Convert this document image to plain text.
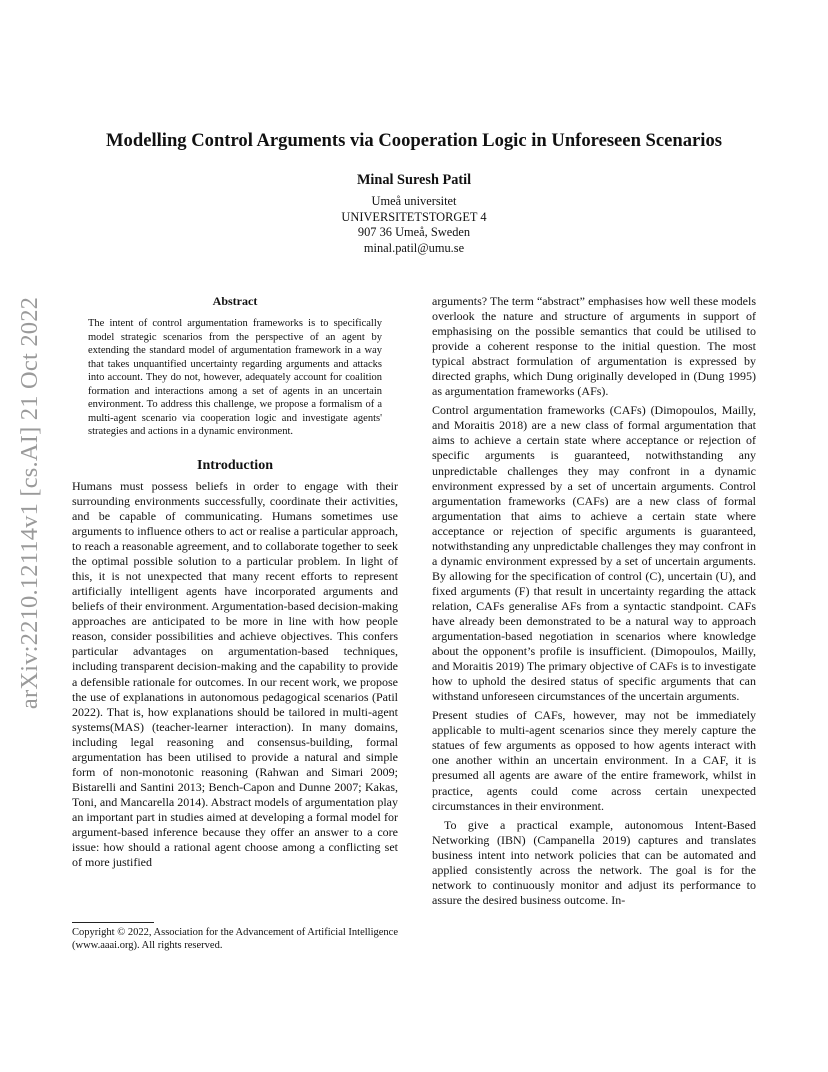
arXiv:2210.12114v1 [cs.AI] 21 Oct 2022
Modelling Control Arguments via Cooperation Logic in Unforeseen Scenarios
Minal Suresh Patil
Umeå universitet
UNIVERSITETSTORGET 4
907 36 Umeå, Sweden
minal.patil@umu.se
Abstract

The intent of control argumentation frameworks is to specifically model strategic scenarios from the perspective of an agent by extending the standard model of argumentation framework in a way that takes unquantified uncertainty regarding arguments and attacks into account. They do not, however, adequately account for coalition formation and interactions among a set of agents in an uncertain environment. To address this challenge, we propose a formalism of a multi-agent scenario via cooperation logic and investigate agents' strategies and actions in a dynamic environment.

Introduction

Humans must possess beliefs in order to engage with their surrounding environments successfully, coordinate their activities, and be capable of communicating. Humans sometimes use arguments to influence others to act or realise a particular approach, to reach a reasonable agreement, and to collaborate together to seek the optimal possible solution to a particular problem. In light of this, it is not unexpected that many recent efforts to represent artificially intelligent agents have incorporated arguments and beliefs of their environment. Argumentation-based decision-making approaches are anticipated to be more in line with how people reason, consider possibilities and achieve objectives. This confers particular advantages on argumentation-based techniques, including transparent decision-making and the capability to provide a defensible rationale for outcomes. In our recent work, we propose the use of explanations in autonomous pedagogical scenarios (Patil 2022). That is, how explanations should be tailored in multi-agent systems(MAS) (teacher-learner interaction). In many domains, including legal reasoning and consensus-building, formal argumentation has been utilised to provide a natural and simple form of non-monotonic reasoning (Rahwan and Simari 2009; Bistarelli and Santini 2013; Bench-Capon and Dunne 2007; Kakas, Toni, and Mancarella 2014). Abstract models of argumentation play an important part in studies aimed at developing a formal model for argument-based inference because they offer an answer to a core issue: how should a rational agent choose among a conflicting set of more justified

arguments? The term “abstract” emphasises how well these models overlook the nature and structure of arguments in support of emphasising on the possible semantics that could be utilised to provide a coherent response to the initial question. The most typical abstract formulation of argumentation is expressed by directed graphs, which Dung originally developed in (Dung 1995) as argumentation frameworks (AFs).

Control argumentation frameworks (CAFs) (Dimopoulos, Mailly, and Moraitis 2018) are a new class of formal argumentation that aims to achieve a certain state where acceptance or rejection of specific arguments is guaranteed, notwithstanding any unpredictable challenges they may confront in a dynamic environment expressed by a set of uncertain arguments. Control argumentation frameworks (CAFs) are a new class of formal argumentation that aims to achieve a certain state where acceptance or rejection of specific arguments is guaranteed, notwithstanding any unpredictable challenges they may confront in a dynamic environment expressed by a set of uncertain arguments. By allowing for the specification of control (C), uncertain (U), and fixed arguments (F) that result in uncertainty regarding the attack relation, CAFs generalise AFs from a syntactic standpoint. CAFs have already been demonstrated to be a natural way to approach argumentation-based negotiation in scenarios where knowledge about the opponent’s profile is insufficient. (Dimopoulos, Mailly, and Moraitis 2019) The primary objective of CAFs is to investigate how to uphold the desired status of specific arguments that can withstand unforeseen circumstances of the uncertain arguments.

Present studies of CAFs, however, may not be immediately applicable to multi-agent scenarios since they merely capture the statues of few arguments as opposed to how agents interact with one another within an uncertain environment. In a CAF, it is presumed all agents are aware of the entire framework, whilst in practice, agents could come across certain unexpected circumstances in their environment.

To give a practical example, autonomous Intent-Based Networking (IBN) (Campanella 2019) captures and translates business intent into network policies that can be automated and applied consistently across the network. The goal is for the network to continuously monitor and adjust its performance to assure the desired business outcome. In-

Copyright © 2022, Association for the Advancement of Artificial Intelligence (www.aaai.org). All rights reserved.
